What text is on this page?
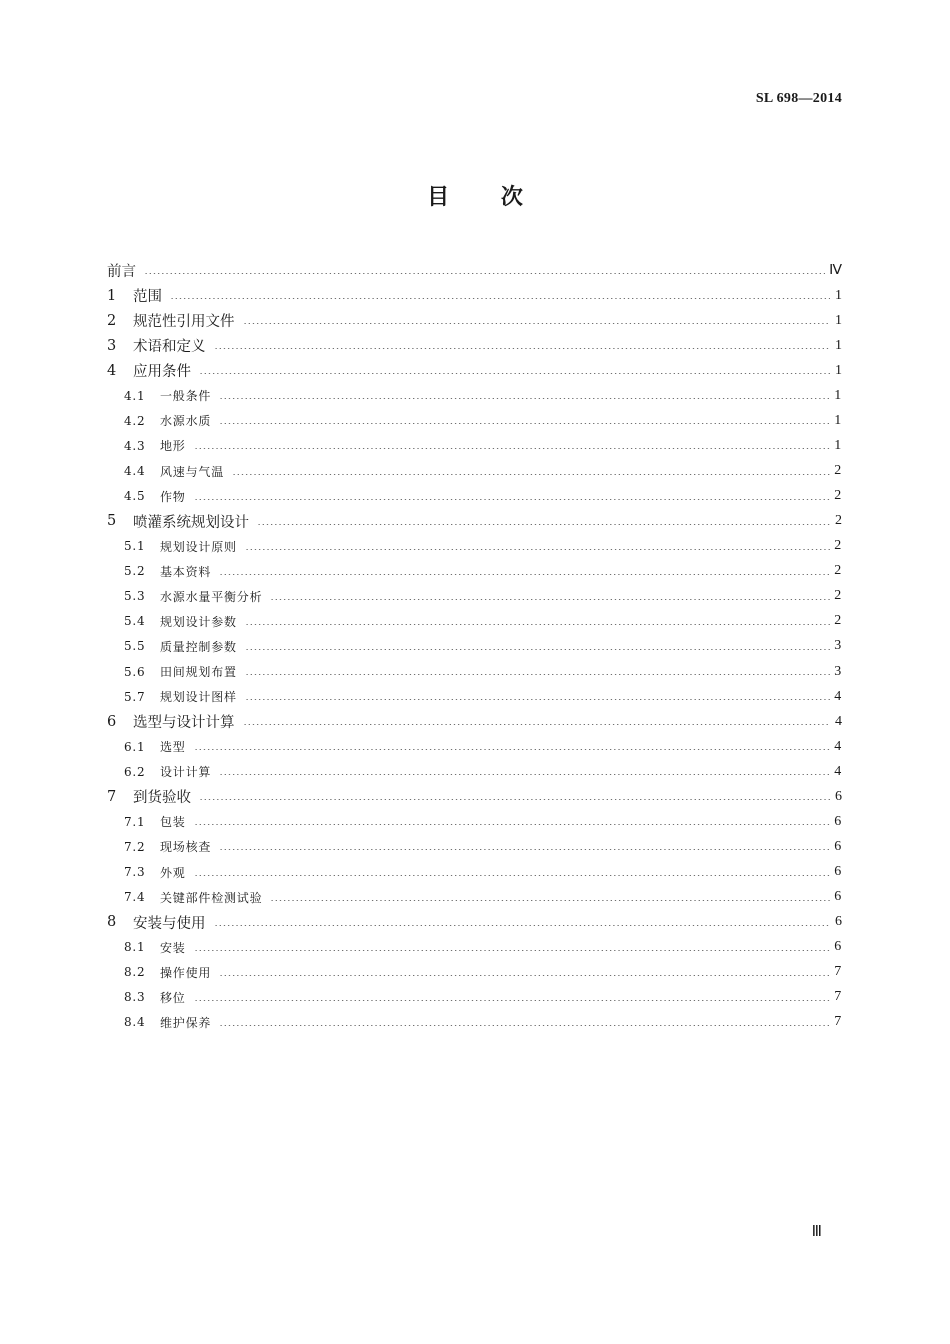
SL 698—2014
目 次
前言	Ⅳ
1	范围	1
2	规范性引用文件	1
3	术语和定义	1
4	应用条件	1
4.1	一般条件	1
4.2	水源水质	1
4.3	地形	1
4.4	风速与气温	2
4.5	作物	2
5	喷灌系统规划设计	2
5.1	规划设计原则	2
5.2	基本资料	2
5.3	水源水量平衡分析	2
5.4	规划设计参数	2
5.5	质量控制参数	3
5.6	田间规划布置	3
5.7	规划设计图样	4
6	选型与设计计算	4
6.1	选型	4
6.2	设计计算	4
7	到货验收	6
7.1	包装	6
7.2	现场核查	6
7.3	外观	6
7.4	关键部件检测试验	6
8	安装与使用	6
8.1	安装	6
8.2	操作使用	7
8.3	移位	7
8.4	维护保养	7
Ⅲ
